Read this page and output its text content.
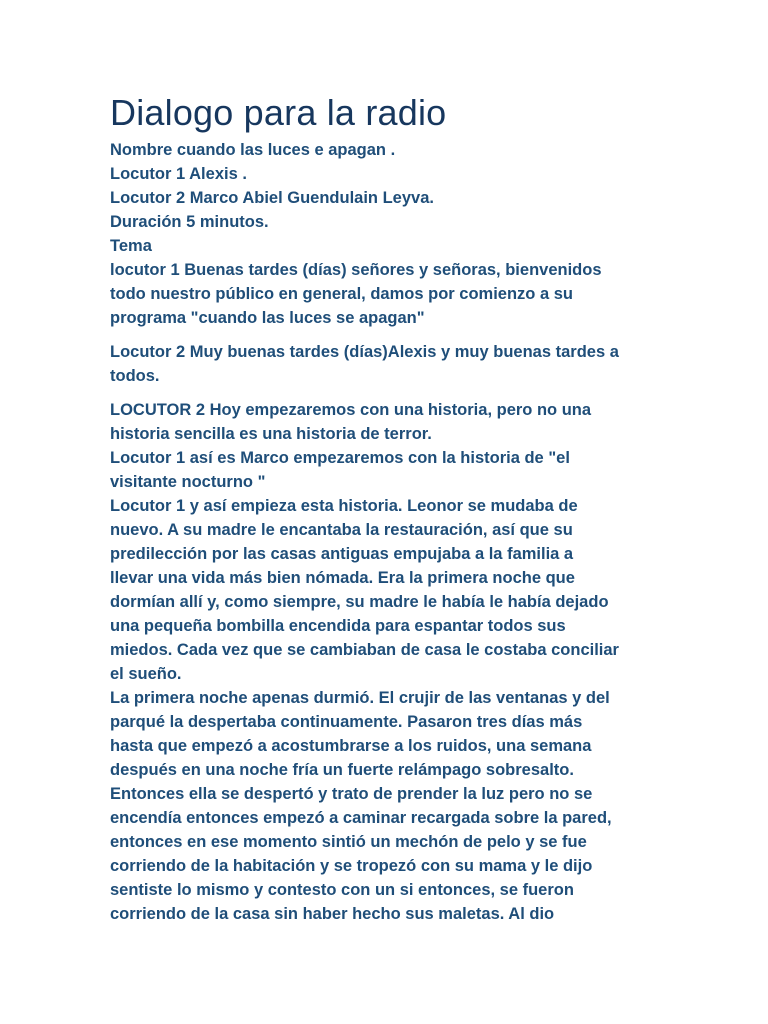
Dialogo para la radio
Nombre cuando las luces e apagan .
Locutor 1 Alexis .
Locutor 2 Marco Abiel Guendulain Leyva.
Duración 5 minutos.
Tema
locutor 1 Buenas tardes (días) señores y señoras, bienvenidos
todo nuestro público en general, damos por comienzo a su
programa "cuando las luces se apagan"
Locutor 2 Muy buenas tardes (días)Alexis y muy buenas tardes a
todos.
LOCUTOR 2 Hoy empezaremos con una historia, pero no una
historia sencilla es una historia de terror.
Locutor 1 así es Marco empezaremos con la historia de "el
visitante nocturno "
Locutor 1 y así empieza esta historia. Leonor se mudaba de
nuevo. A su madre le encantaba la restauración, así que su
predilección por las casas antiguas empujaba a la familia a
llevar una vida más bien nómada. Era la primera noche que
dormían allí y, como siempre, su madre le había le había dejado
una pequeña bombilla encendida para espantar todos sus
miedos. Cada vez que se cambiaban de casa le costaba conciliar
el sueño.
La primera noche apenas durmió. El crujir de las ventanas y del
parqué la despertaba continuamente. Pasaron tres días más
hasta que empezó a acostumbrarse a los ruidos, una semana
después en una noche fría un fuerte relámpago sobresalto.
Entonces ella se despertó y trato de prender la luz pero no se
encendía entonces empezó a caminar recargada sobre la pared,
entonces en ese momento sintió un mechón de pelo y se fue
corriendo de la habitación y se tropezó con su mama y le dijo
sentiste lo mismo y contesto con un si entonces, se fueron
corriendo de la casa sin haber hecho sus maletas. Al dio
